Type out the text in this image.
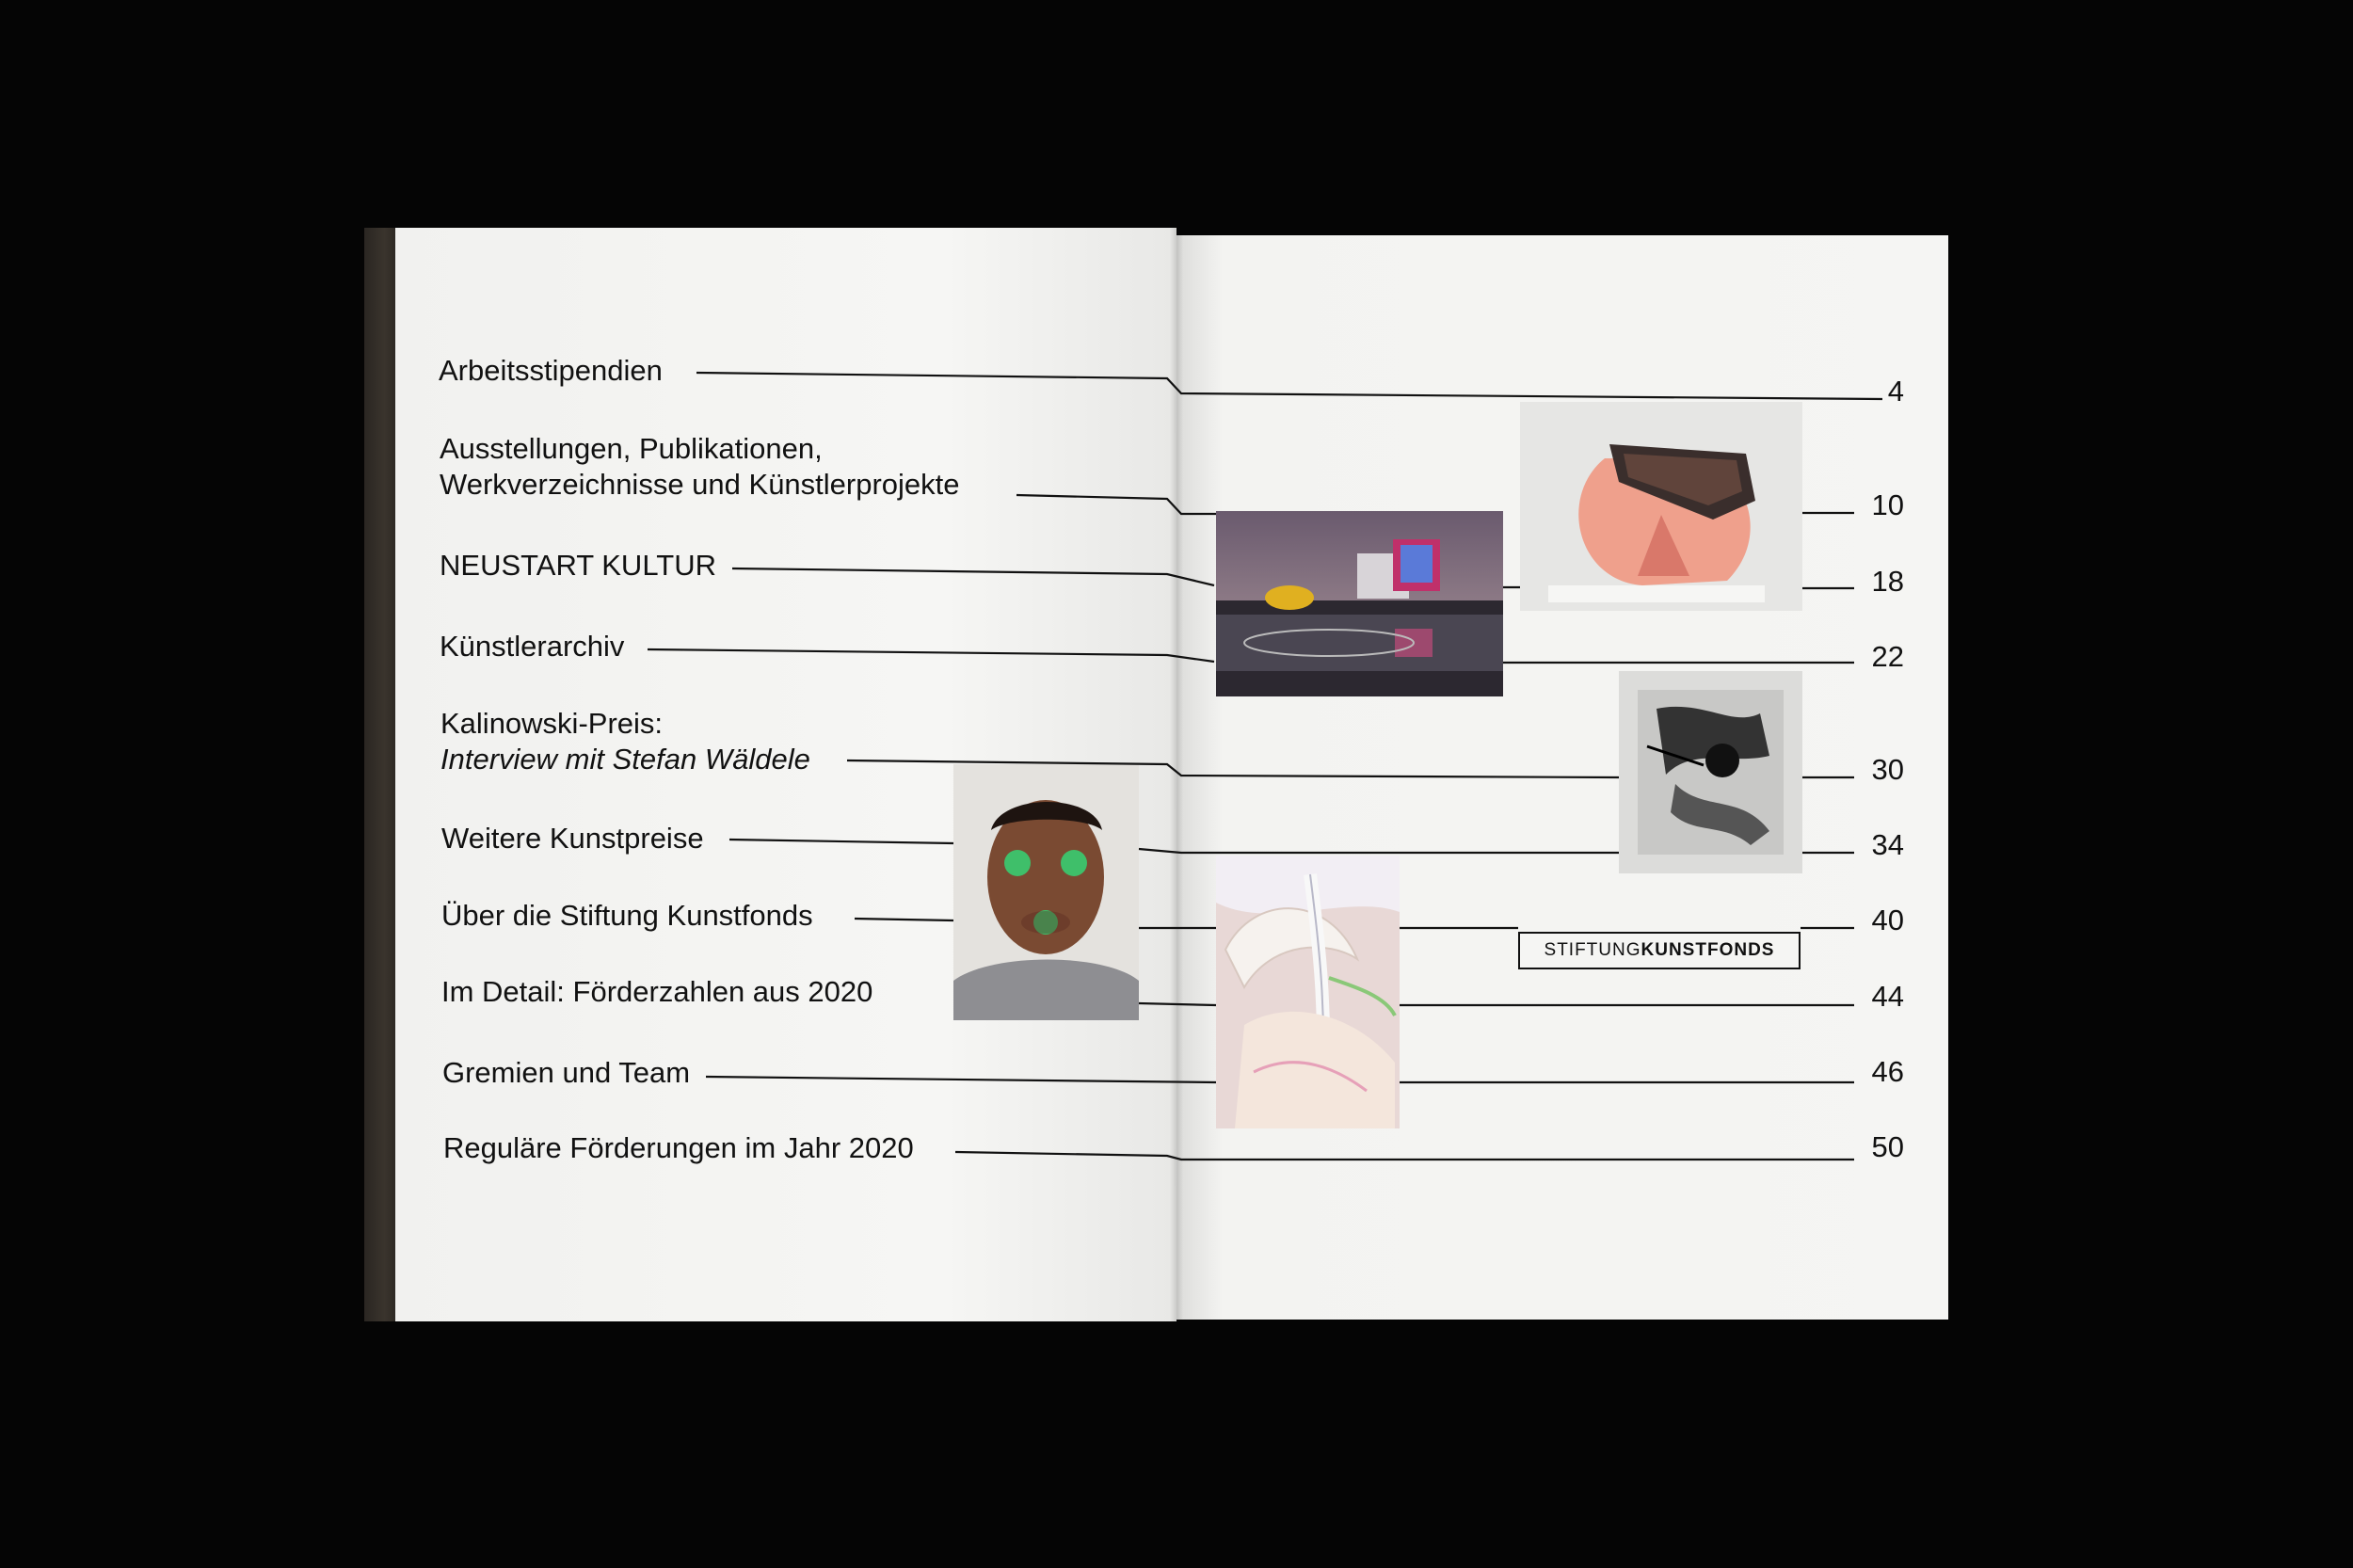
Arbeitsstipendien
Ausstellungen, Publikationen,
Werkverzeichnisse und Künstlerprojekte
NEUSTART KULTUR
Künstlerarchiv
Kalinowski-Preis:
Interview mit Stefan Wäldele
Weitere Kunstpreise
Über die Stiftung Kunstfonds
Im Detail: Förderzahlen aus 2020
Gremien und Team
Reguläre Förderungen im Jahr 2020
4
10
18
22
30
34
40
44
46
50
STIFTUNG KUNSTFONDS
